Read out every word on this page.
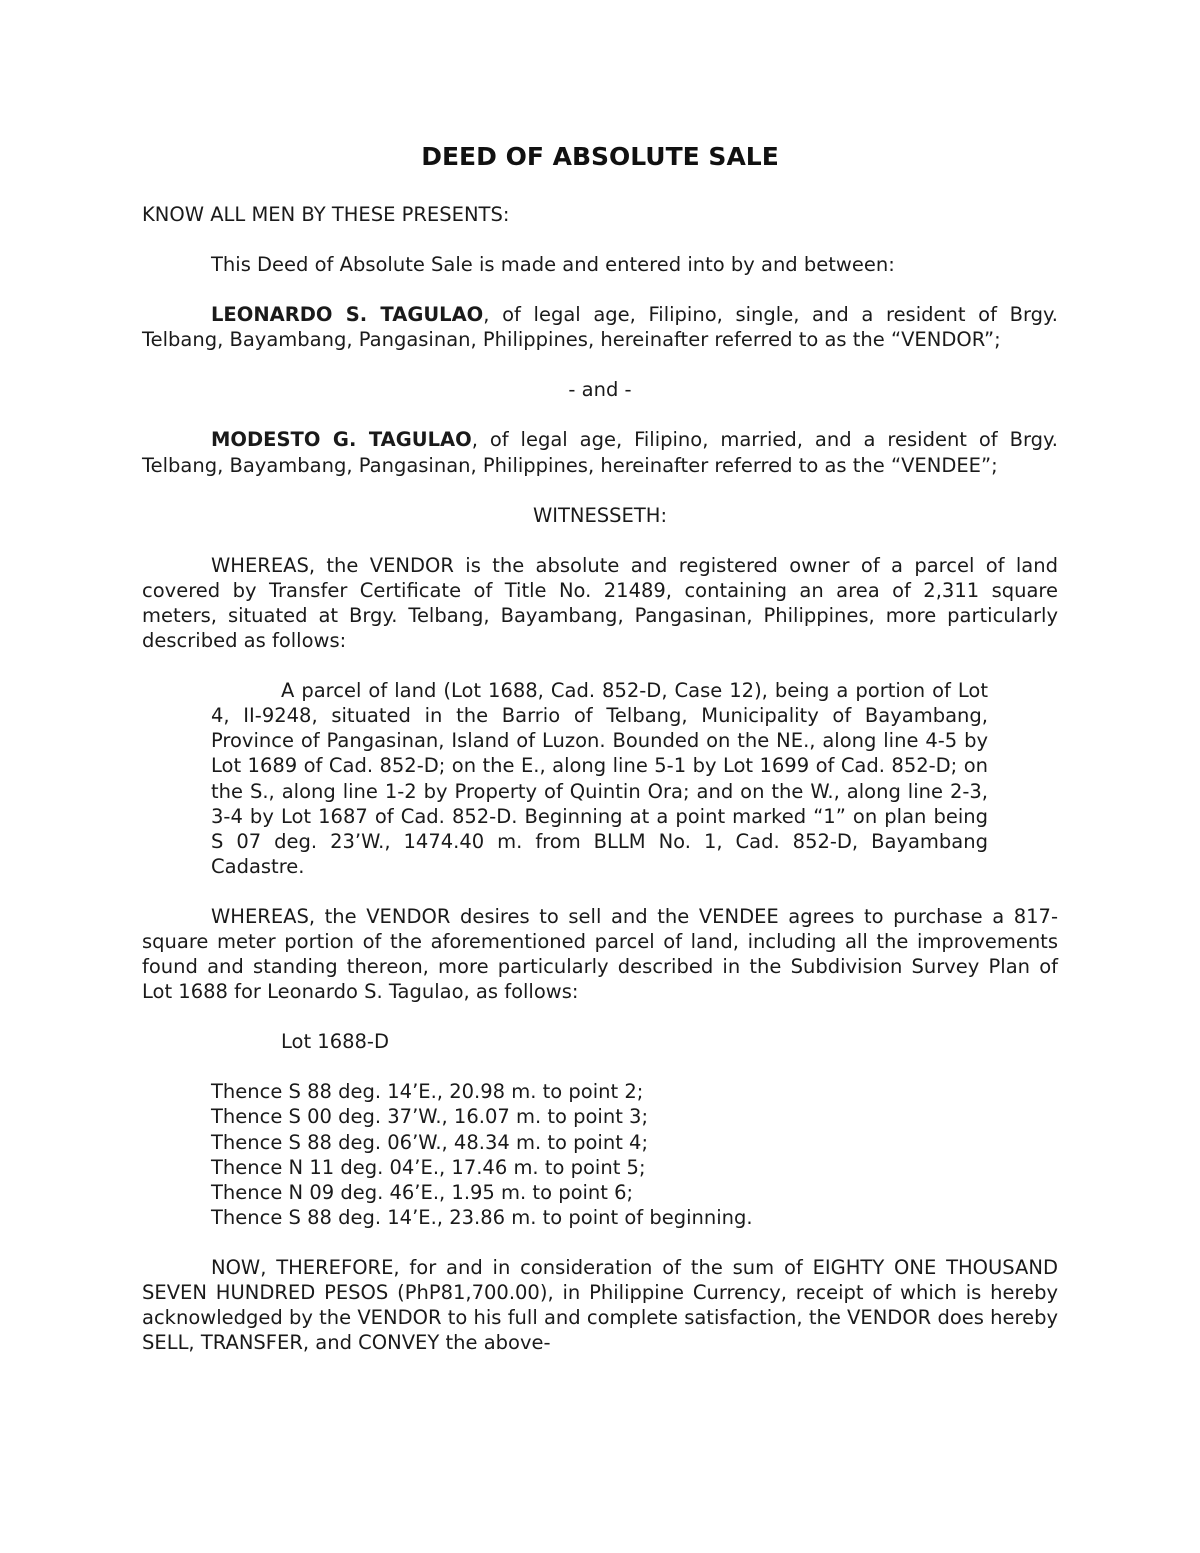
DEED OF ABSOLUTE SALE

KNOW ALL MEN BY THESE PRESENTS:

This Deed of Absolute Sale is made and entered into by and between:

LEONARDO S. TAGULAO, of legal age, Filipino, single, and a resident of Brgy. Telbang, Bayambang, Pangasinan, Philippines, hereinafter referred to as the “VENDOR”;

- and -

MODESTO G. TAGULAO, of legal age, Filipino, married, and a resident of Brgy. Telbang, Bayambang, Pangasinan, Philippines, hereinafter referred to as the “VENDEE”;

WITNESSETH:

WHEREAS, the VENDOR is the absolute and registered owner of a parcel of land covered by Transfer Certificate of Title No. 21489, containing an area of 2,311 square meters, situated at Brgy. Telbang, Bayambang, Pangasinan, Philippines, more particularly described as follows:

A parcel of land (Lot 1688, Cad. 852-D, Case 12), being a portion of Lot 4, II-9248, situated in the Barrio of Telbang, Municipality of Bayambang, Province of Pangasinan, Island of Luzon. Bounded on the NE., along line 4-5 by Lot 1689 of Cad. 852-D; on the E., along line 5-1 by Lot 1699 of Cad. 852-D; on the S., along line 1-2 by Property of Quintin Ora; and on the W., along line 2-3, 3-4 by Lot 1687 of Cad. 852-D. Beginning at a point marked “1” on plan being S 07 deg. 23’W., 1474.40 m. from BLLM No. 1, Cad. 852-D, Bayambang Cadastre.

WHEREAS, the VENDOR desires to sell and the VENDEE agrees to purchase a 817-square meter portion of the aforementioned parcel of land, including all the improvements found and standing thereon, more particularly described in the Subdivision Survey Plan of Lot 1688 for Leonardo S. Tagulao, as follows:

Lot 1688-D

Thence S 88 deg. 14’E., 20.98 m. to point 2;
Thence S 00 deg. 37’W., 16.07 m. to point 3;
Thence S 88 deg. 06’W., 48.34 m. to point 4;
Thence N 11 deg. 04’E., 17.46 m. to point 5;
Thence N 09 deg. 46’E., 1.95 m. to point 6;
Thence S 88 deg. 14’E., 23.86 m. to point of beginning.

NOW, THEREFORE, for and in consideration of the sum of EIGHTY ONE THOUSAND SEVEN HUNDRED PESOS (PhP81,700.00), in Philippine Currency, receipt of which is hereby acknowledged by the VENDOR to his full and complete satisfaction, the VENDOR does hereby SELL, TRANSFER, and CONVEY the above-
